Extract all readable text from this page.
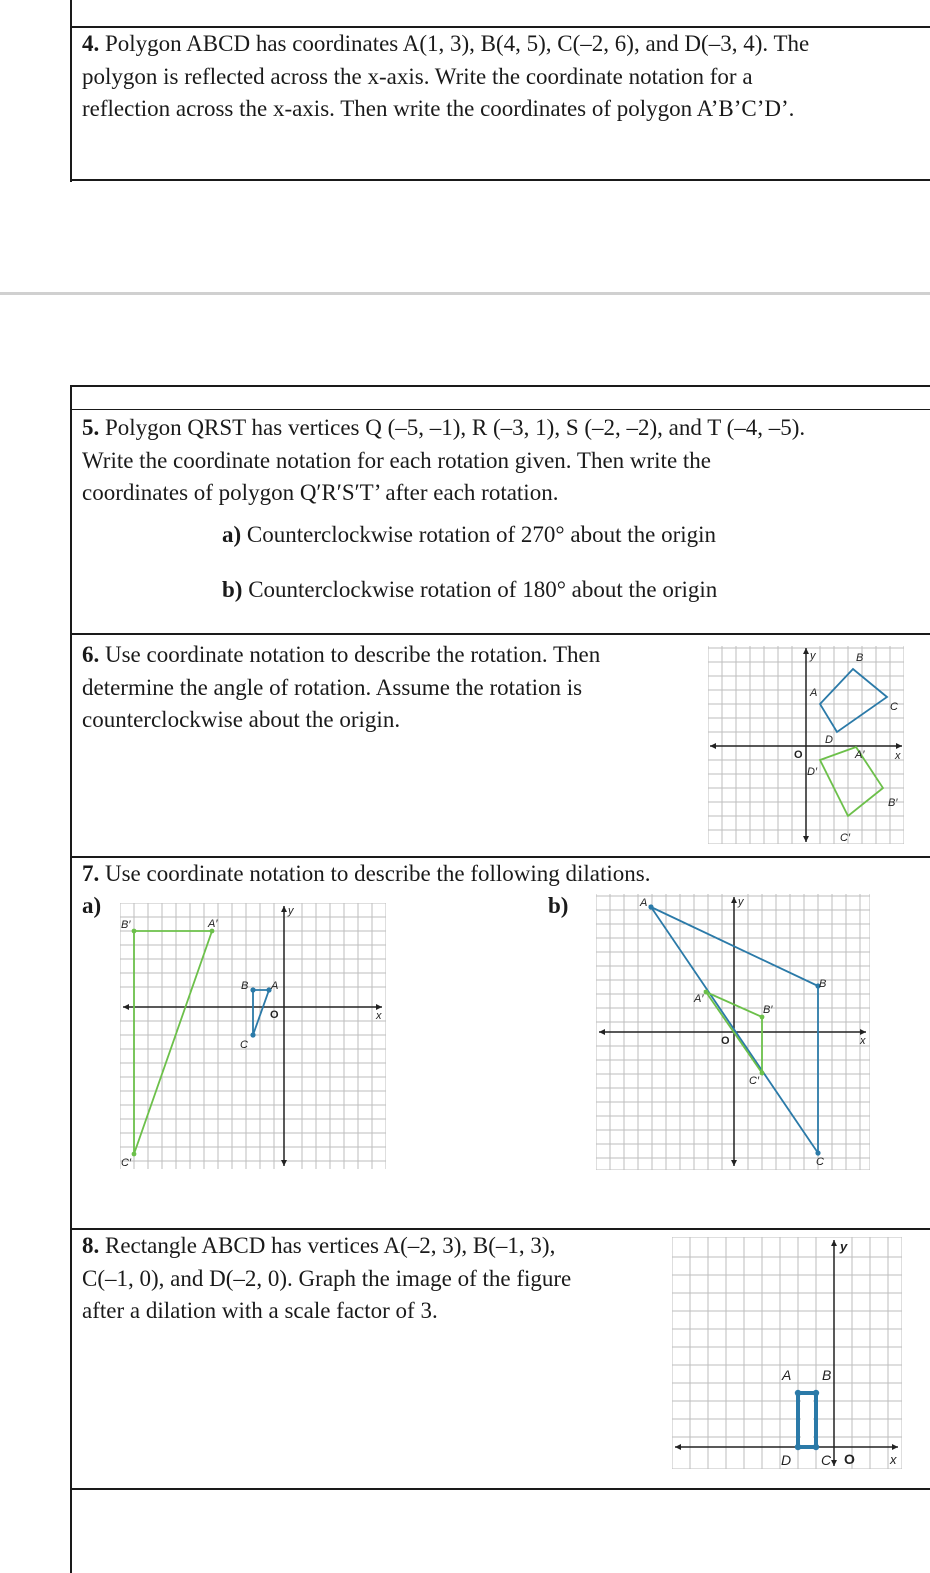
4. Polygon ABCD has coordinates A(1, 3), B(4, 5), C(–2, 6), and D(–3, 4). The
polygon is reflected across the x-axis. Write the coordinate notation for a
reflection across the x-axis. Then write the coordinates of polygon A’B’C’D’.
5. Polygon QRST has vertices Q (–5, –1), R (–3, 1), S (–2, –2), and T (–4, –5).
Write the coordinate notation for each rotation given. Then write the
coordinates of polygon Q′R′S′T’ after each rotation.
a) Counterclockwise rotation of 270° about the origin
b) Counterclockwise rotation of 180° about the origin
6. Use coordinate notation to describe the rotation. Then
determine the angle of rotation. Assume the rotation is
counterclockwise about the origin.
y
x
O
A
B
C
D
A′
B′
C′
D′
7. Use coordinate notation to describe the following dilations.
a)	b)
y
x
O
A
B
C
A′
B′
C′
y
x
O
A
B
C
A′
B′
C′
8. Rectangle ABCD has vertices A(–2, 3), B(–1, 3),
C(–1, 0), and D(–2, 0). Graph the image of the figure
after a dilation with a scale factor of 3.
y
x
O
A B
C
D
